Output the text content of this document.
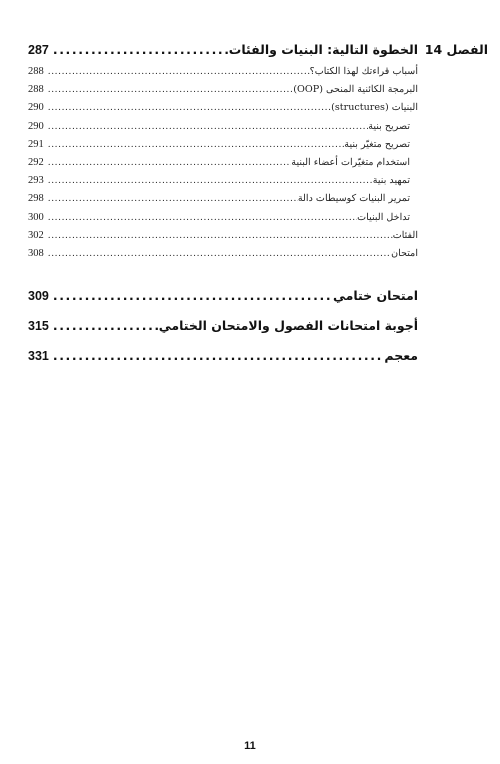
الفصل 14
الخطوة التالية: البنيات والفئات
.....
287
أسباب قراءتك لهذا الكتاب؟
.....
288
البرمجة الكائنية المنحى (OOP)
.....
288
البنيات (structures)
.....
290
تصريح بنية
.....
290
تصريح متغيّر بنية
.....
291
استخدام متغيّرات أعضاء البنية
.....
292
تمهيد بنية
.....
293
تمرير البنيات كوسيطات دالة
.....
298
تداخل البنيات
.....
300
الفئات
.....
302
امتحان
.....
308
امتحان ختامي
.....
309
أجوبة امتحانات الفصول والامتحان الختامي
.....
315
معجم
.....
331
11
